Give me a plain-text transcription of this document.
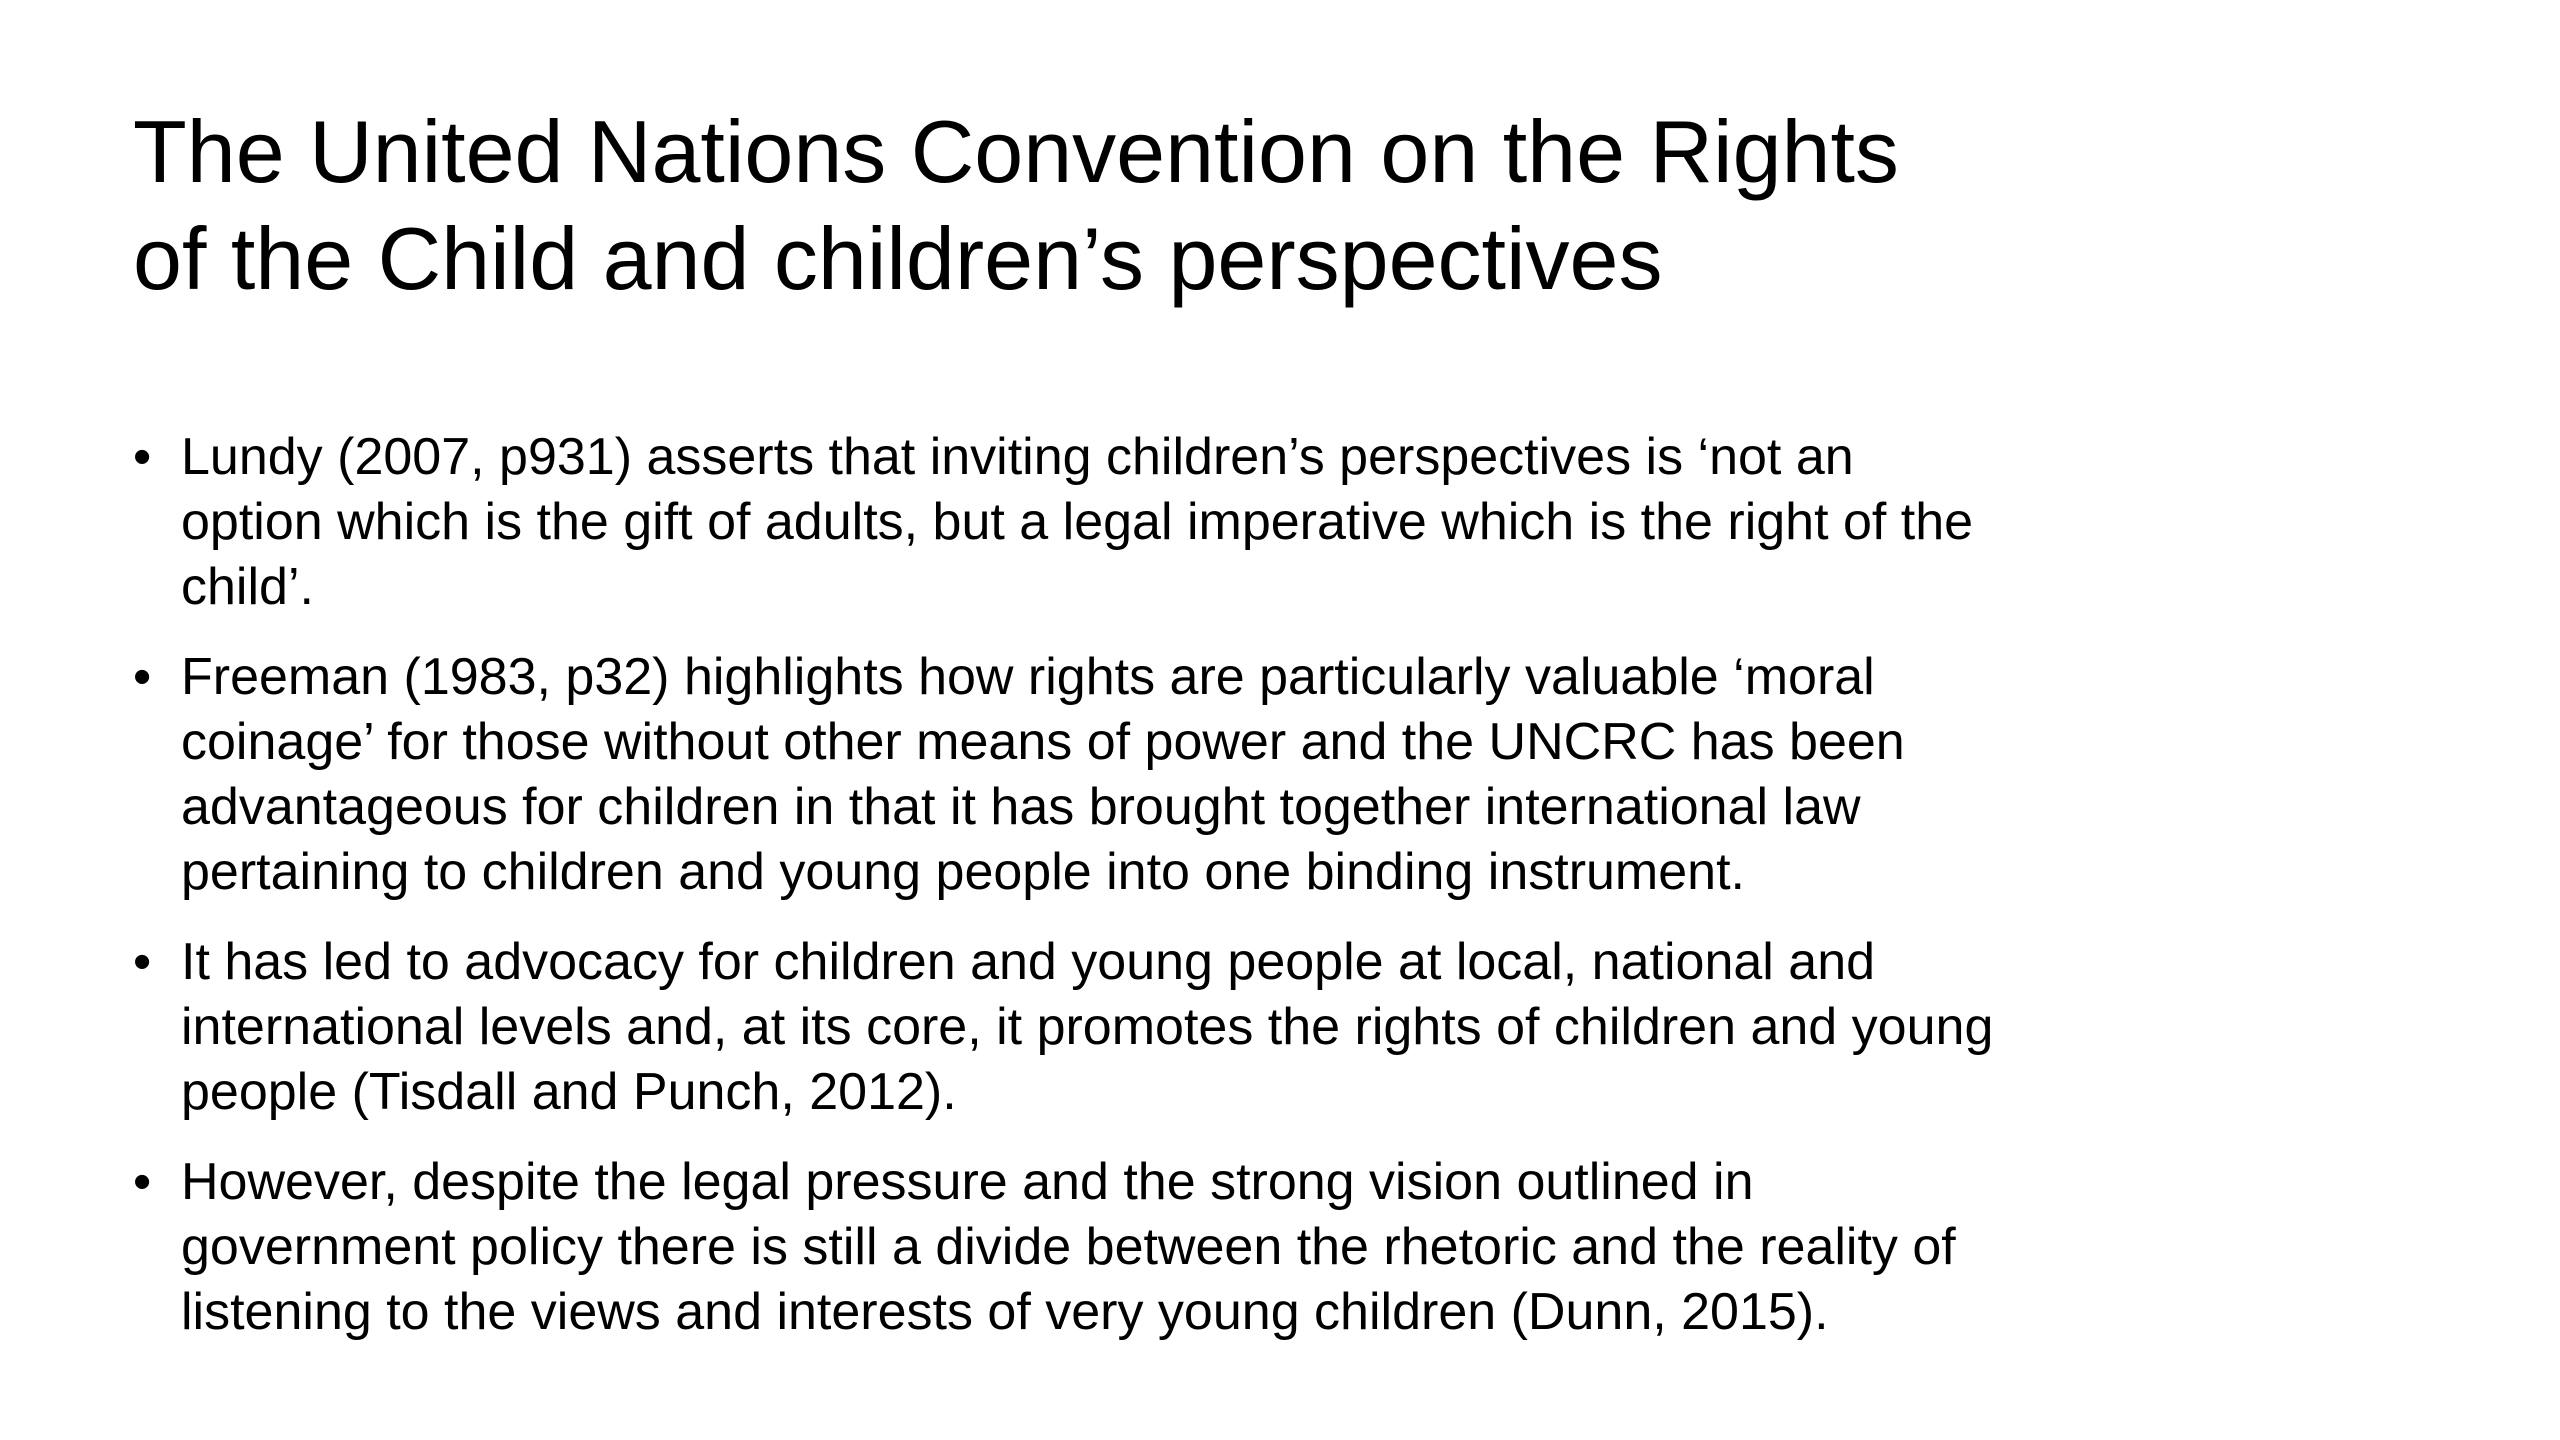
The United Nations Convention on the Rights
of the Child and children’s perspectives
• Lundy (2007, p931) asserts that inviting children’s perspectives is ‘not an option which is the gift of adults, but a legal imperative which is the right of the child’.
• Freeman (1983, p32) highlights how rights are particularly valuable ‘moral coinage’ for those without other means of power and the UNCRC has been advantageous for children in that it has brought together international law pertaining to children and young people into one binding instrument.
• It has led to advocacy for children and young people at local, national and international levels and, at its core, it promotes the rights of children and young people (Tisdall and Punch, 2012).
• However, despite the legal pressure and the strong vision outlined in government policy there is still a divide between the rhetoric and the reality of listening to the views and interests of very young children (Dunn, 2015).
